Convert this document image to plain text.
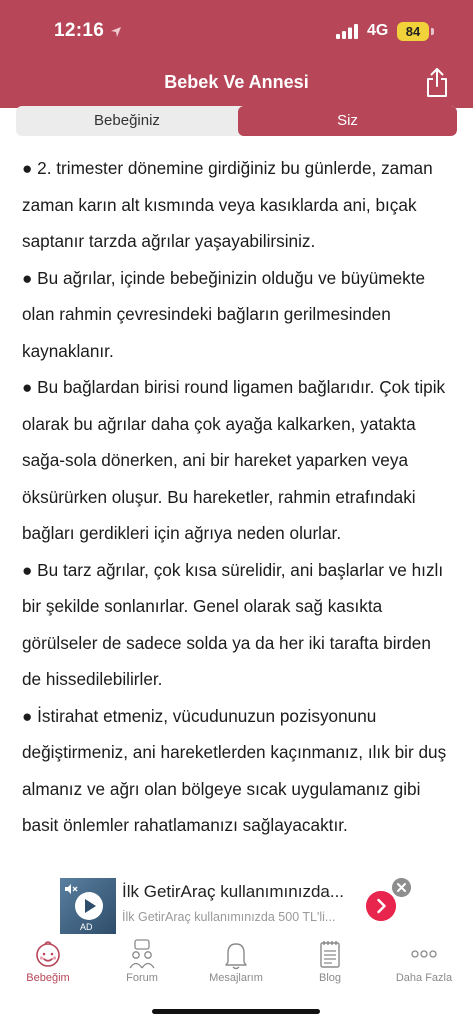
12:16	4G	84
Bebek Ve Annesi
Bebeğiniz	Siz

● 2. trimester dönemine girdiğiniz bu günlerde, zaman zaman karın alt kısmında veya kasıklarda ani, bıçak saptanır tarzda ağrılar yaşayabilirsiniz.

● Bu ağrılar, içinde bebeğinizin olduğu ve büyümekte olan rahmin çevresindeki bağların gerilmesinden kaynaklanır.

● Bu bağlardan birisi round ligamen bağlarıdır. Çok tipik olarak bu ağrılar daha çok ayağa kalkarken, yatakta sağa-sola dönerken, ani bir hareket yaparken veya öksürürken oluşur. Bu hareketler, rahmin etrafındaki bağları gerdikleri için ağrıya neden olurlar.

● Bu tarz ağrılar, çok kısa sürelidir, ani başlarlar ve hızlı bir şekilde sonlanırlar. Genel olarak sağ kasıkta görülseler de sadece solda ya da her iki tarafta birden de hissedilebilirler.

● İstirahat etmeniz, vücudunuzun pozisyonunu değiştirmeniz, ani hareketlerden kaçınmanız, ılık bir duş almanız ve ağrı olan bölgeye sıcak uygulamanız gibi basit önlemler rahatlamanızı sağlayacaktır.

AD
İlk GetirAraç kullanımınızda...
İlk GetirAraç kullanımınızda 500 TL'li...
Bebeğim	Forum	Mesajlarım	Blog	Daha Fazla
